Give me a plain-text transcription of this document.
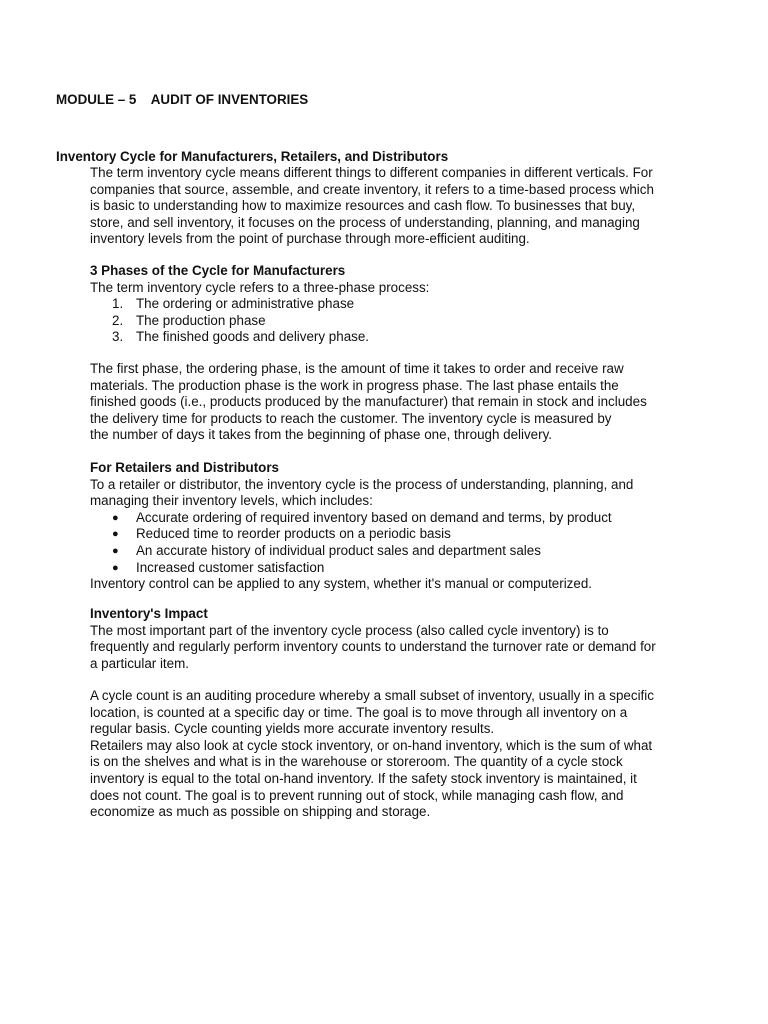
MODULE – 5    AUDIT OF INVENTORIES
Inventory Cycle for Manufacturers, Retailers, and Distributors

The term inventory cycle means different things to different companies in different verticals. For

companies that source, assemble, and create inventory, it refers to a time-based process which

is basic to understanding how to maximize resources and cash flow. To businesses that buy,

store, and sell inventory, it focuses on the process of understanding, planning, and managing

inventory levels from the point of purchase through more-efficient auditing.

3 Phases of the Cycle for Manufacturers

The term inventory cycle refers to a three-phase process:

1. The ordering or administrative phase
2. The production phase
3. The finished goods and delivery phase.

The first phase, the ordering phase, is the amount of time it takes to order and receive raw

materials. The production phase is the work in progress phase. The last phase entails the

finished goods (i.e., products produced by the manufacturer) that remain in stock and includes

the delivery time for products to reach the customer. The inventory cycle is measured by

the number of days it takes from the beginning of phase one, through delivery.

For Retailers and Distributors

To a retailer or distributor, the inventory cycle is the process of understanding, planning, and

managing their inventory levels, which includes:

● Accurate ordering of required inventory based on demand and terms, by product
● Reduced time to reorder products on a periodic basis
● An accurate history of individual product sales and department sales
● Increased customer satisfaction

Inventory control can be applied to any system, whether it's manual or computerized.

Inventory's Impact

The most important part of the inventory cycle process (also called cycle inventory) is to

frequently and regularly perform inventory counts to understand the turnover rate or demand for

a particular item.

A cycle count is an auditing procedure whereby a small subset of inventory, usually in a specific

location, is counted at a specific day or time. The goal is to move through all inventory on a

regular basis. Cycle counting yields more accurate inventory results.

Retailers may also look at cycle stock inventory, or on-hand inventory, which is the sum of what

is on the shelves and what is in the warehouse or storeroom. The quantity of a cycle stock

inventory is equal to the total on-hand inventory. If the safety stock inventory is maintained, it

does not count. The goal is to prevent running out of stock, while managing cash flow, and

economize as much as possible on shipping and storage.
